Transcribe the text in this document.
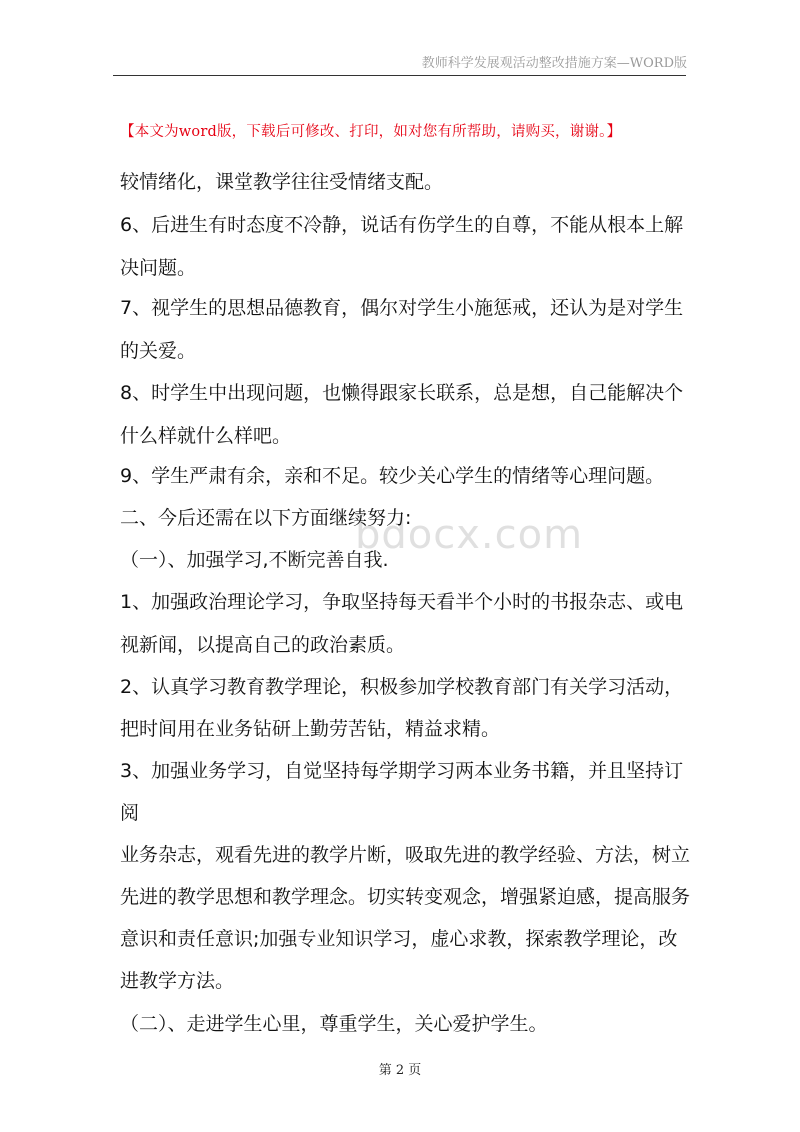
教师科学发展观活动整改措施方案—WORD版
【本文为word版，下载后可修改、打印，如对您有所帮助，请购买，谢谢。】
bdocx.com
较情绪化，课堂教学往往受情绪支配。
6、后进生有时态度不冷静，说话有伤学生的自尊，不能从根本上解
决问题。
7、视学生的思想品德教育，偶尔对学生小施惩戒，还认为是对学生
的关爱。
8、时学生中出现问题，也懒得跟家长联系，总是想，自己能解决个
什么样就什么样吧。
9、学生严肃有余，亲和不足。较少关心学生的情绪等心理问题。
二、今后还需在以下方面继续努力:
（一）、加强学习,不断完善自我.
1、加强政治理论学习，争取坚持每天看半个小时的书报杂志、或电
视新闻，以提高自己的政治素质。
2、认真学习教育教学理论，积极参加学校教育部门有关学习活动，
把时间用在业务钻研上勤劳苦钻，精益求精。
3、加强业务学习，自觉坚持每学期学习两本业务书籍，并且坚持订
阅
业务杂志，观看先进的教学片断，吸取先进的教学经验、方法，树立
先进的教学思想和教学理念。切实转变观念，增强紧迫感，提高服务
意识和责任意识;加强专业知识学习，虚心求教，探索教学理论，改
进教学方法。
（二）、走进学生心里，尊重学生，关心爱护学生。
第 2 页
